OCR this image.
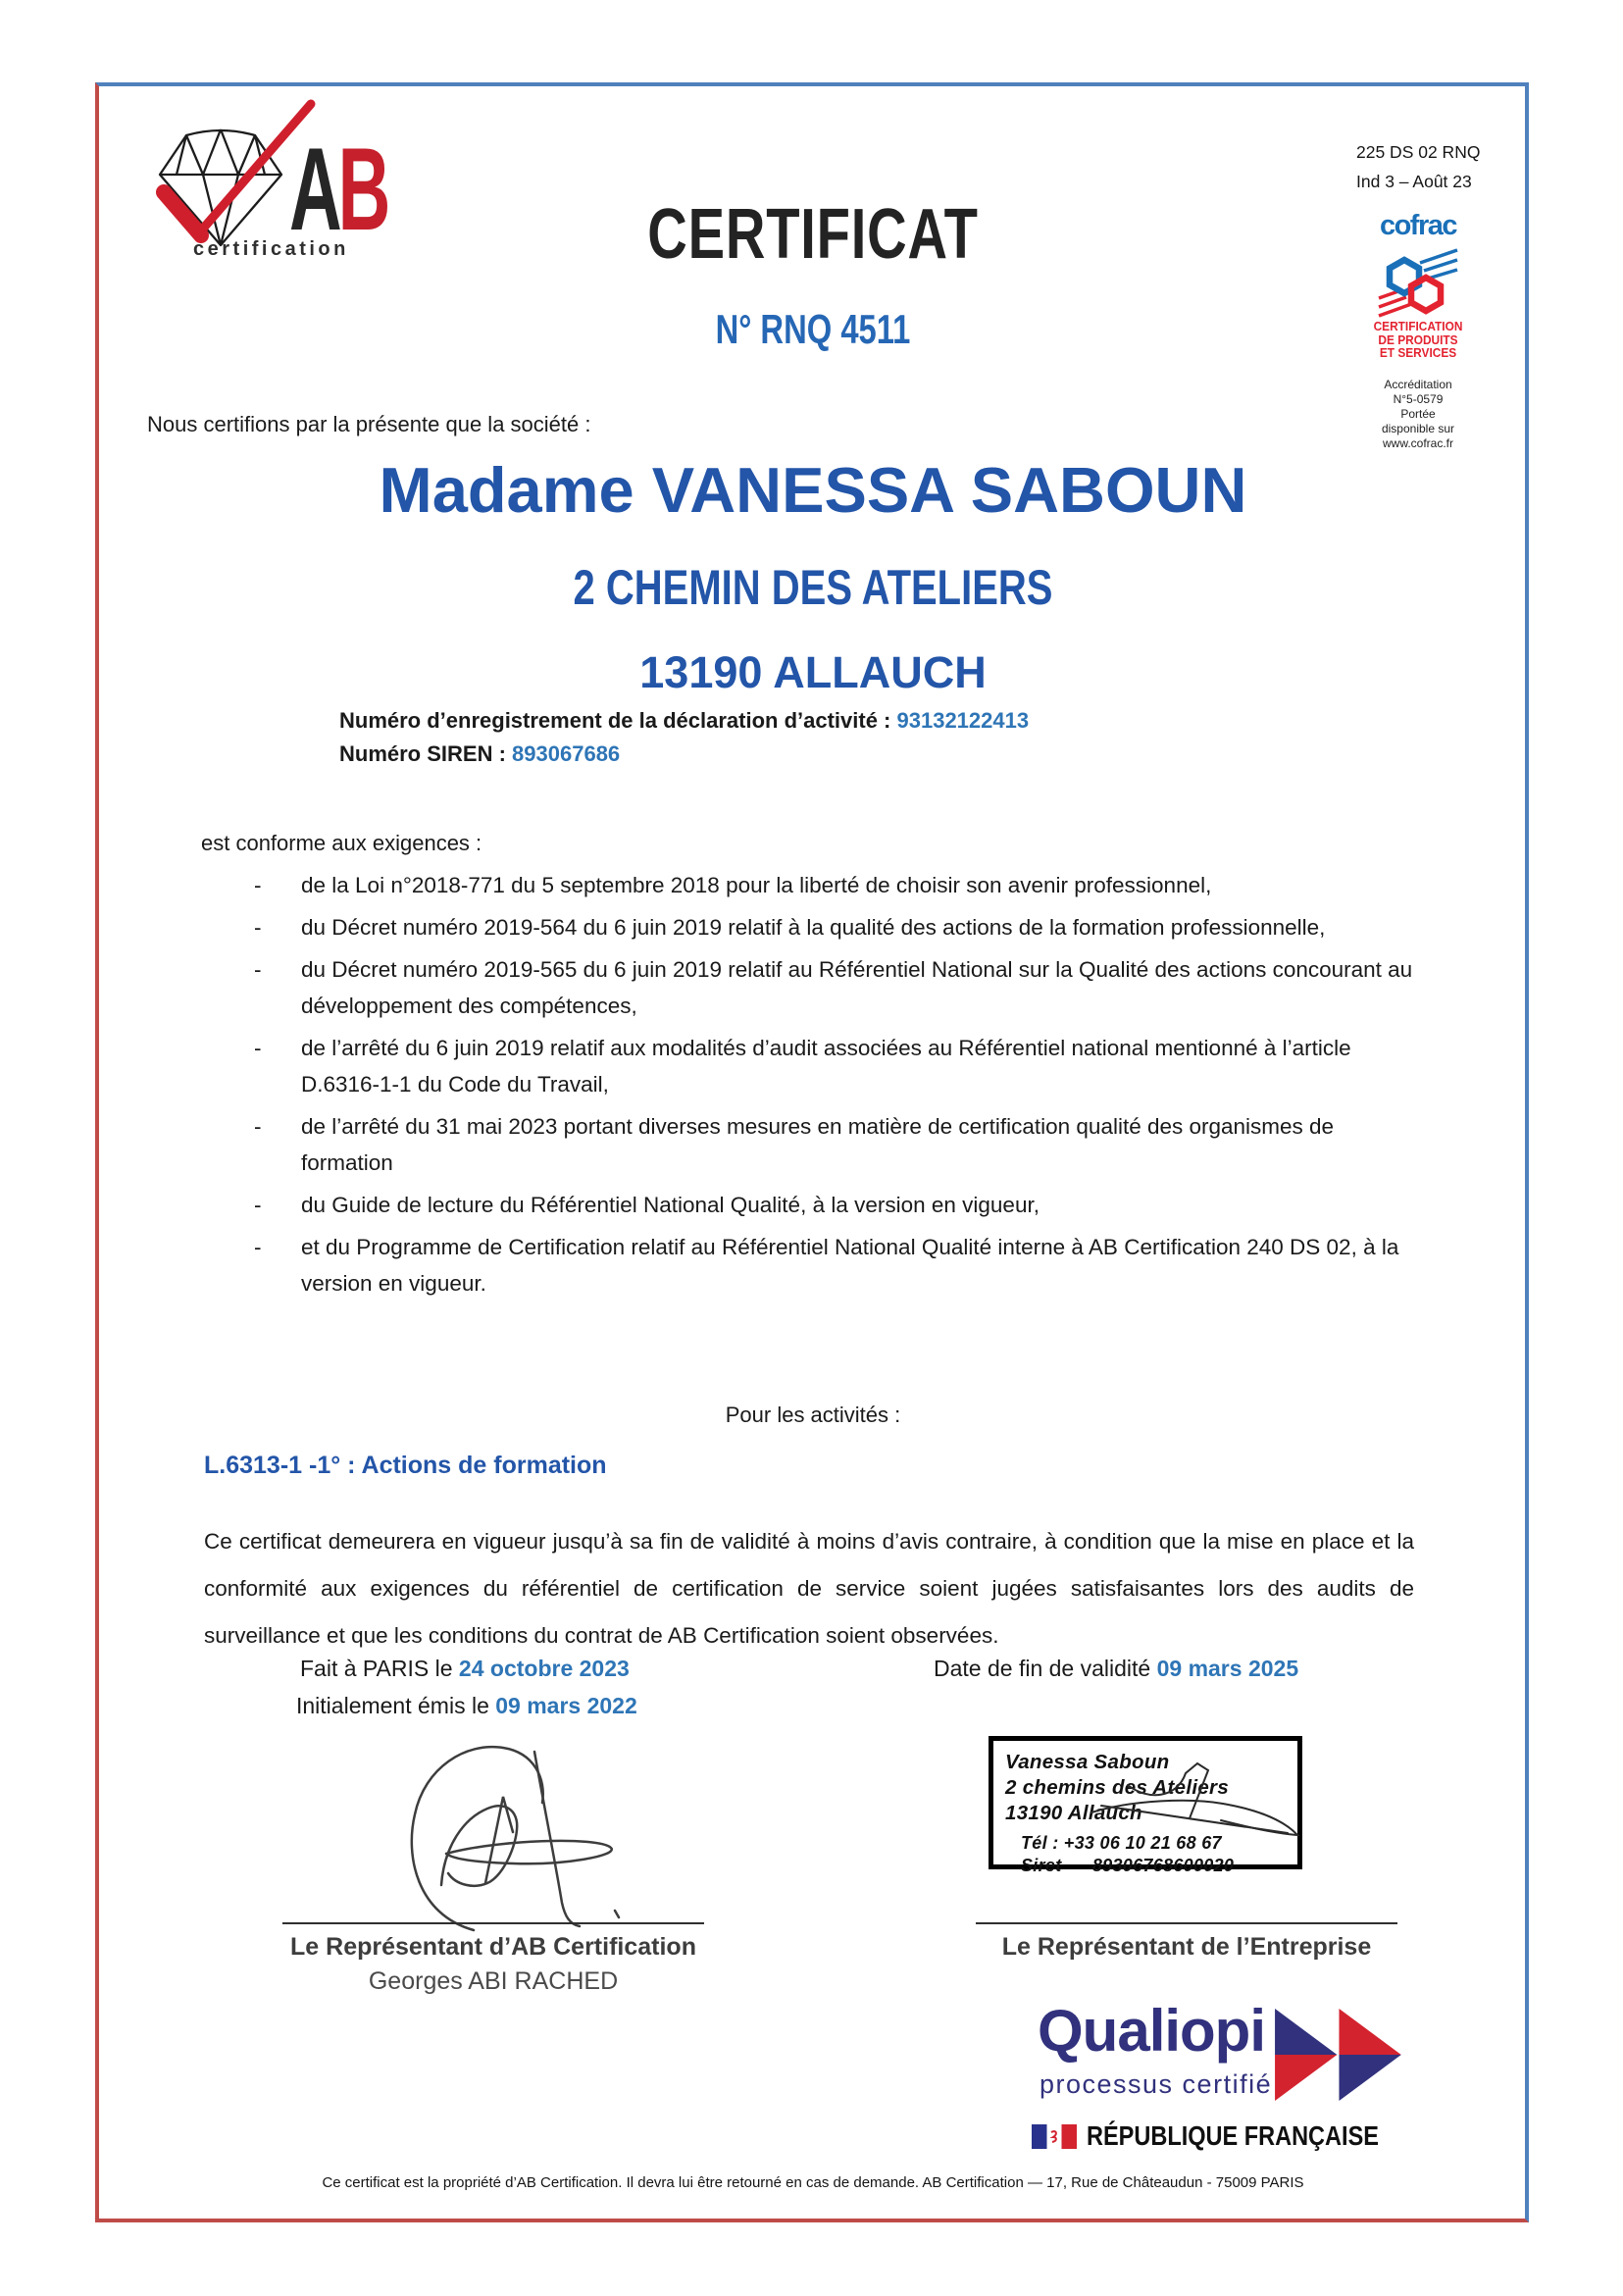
A
B
certification
225 DS 02 RNQ
Ind 3 – Août 23
cofrac
CERTIFICATION
DE PRODUITS
ET SERVICES
Accréditation
N°5-0579
Portée
disponible sur
www.cofrac.fr
CERTIFICAT
N° RNQ 4511
Nous certifions par la présente que la société :
Madame VANESSA SABOUN
2 CHEMIN DES ATELIERS
13190 ALLAUCH
Numéro d’enregistrement de la déclaration d’activité : 93132122413
Numéro SIREN : 893067686
est conforme aux exigences :
- de la Loi n°2018-771 du 5 septembre 2018 pour la liberté de choisir son avenir professionnel,
- du Décret numéro 2019-564 du 6 juin 2019 relatif à la qualité des actions de la formation professionnelle,
- du Décret numéro 2019-565 du 6 juin 2019 relatif au Référentiel National sur la Qualité des actions concourant au développement des compétences,
- de l’arrêté du 6 juin 2019 relatif aux modalités d’audit associées au Référentiel national mentionné à l’article D.6316-1-1 du Code du Travail,
- de l’arrêté du 31 mai 2023 portant diverses mesures en matière de certification qualité des organismes de formation
- du Guide de lecture du Référentiel National Qualité, à la version en vigueur,
- et du Programme de Certification relatif au Référentiel National Qualité interne à AB Certification 240 DS 02, à la version en vigueur.
Pour les activités :
L.6313-1 -1° : Actions de formation
Ce certificat demeurera en vigueur jusqu’à sa fin de validité à moins d’avis contraire, à condition que la mise en place et la conformité aux exigences du référentiel de certification de service soient jugées satisfaisantes lors des audits de surveillance et que les conditions du contrat de AB Certification soient observées.
Fait à PARIS le 24 octobre 2023
Initialement émis le 09 mars 2022
Date de fin de validité 09 mars 2025
Vanessa Saboun
2 chemins des Ateliers
13190 Allauch
Tél : +33 06 10 21 68 67
Siret 89306768600020
Le Représentant d’AB Certification
Georges ABI RACHED
Le Représentant de l’Entreprise
Qualiopi
processus certifié
RÉPUBLIQUE FRANÇAISE
Ce certificat est la propriété d’AB Certification. Il devra lui être retourné en cas de demande. AB Certification — 17, Rue de Châteaudun - 75009 PARIS
